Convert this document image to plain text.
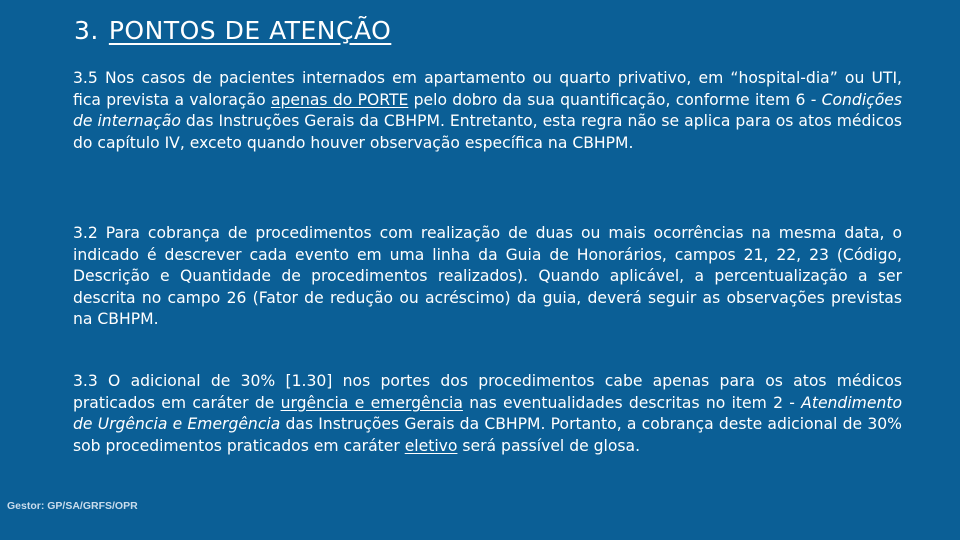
3. PONTOS DE ATENÇÃO

3.5 Nos casos de pacientes internados em apartamento ou quarto privativo, em “hospital-dia” ou UTI, fica prevista a valoração apenas do PORTE pelo dobro da sua quantificação, conforme item 6 - Condições de internação das Instruções Gerais da CBHPM. Entretanto, esta regra não se aplica para os atos médicos do capítulo IV, exceto quando houver observação específica na CBHPM.

3.2 Para cobrança de procedimentos com realização de duas ou mais ocorrências na mesma data, o indicado é descrever cada evento em uma linha da Guia de Honorários, campos 21, 22, 23 (Código, Descrição e Quantidade de procedimentos realizados). Quando aplicável, a percentualização a ser descrita no campo 26 (Fator de redução ou acréscimo) da guia, deverá seguir as observações previstas na CBHPM.

3.3 O adicional de 30% [1.30] nos portes dos procedimentos cabe apenas para os atos médicos praticados em caráter de urgência e emergência nas eventualidades descritas no item 2 - Atendimento de Urgência e Emergência das Instruções Gerais da CBHPM. Portanto, a cobrança deste adicional de 30% sob procedimentos praticados em caráter eletivo será passível de glosa.

Gestor: GP/SA/GRFS/OPR
